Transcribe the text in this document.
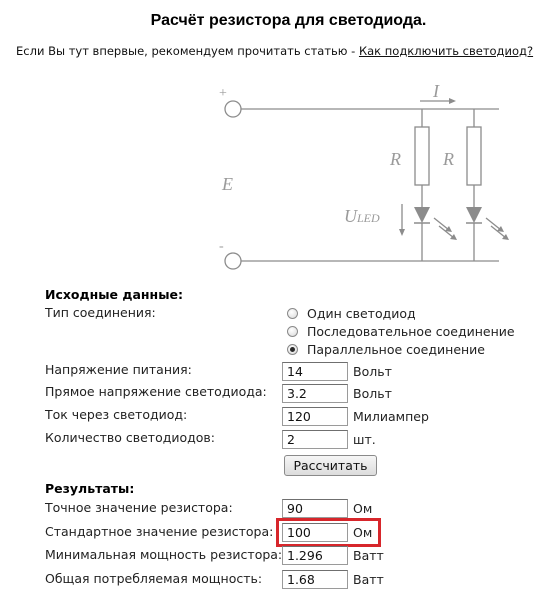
Расчёт резистора для светодиода.
Если Вы тут впервые, рекомендуем прочитать статью - Как подключить светодиод?
+
-
I
E
R R
ULED
Исходные данные:
Тип соединения:	Один светодиод
Последовательное соединение
Параллельное соединение
Напряжение питания:	14	Вольт
Прямое напряжение светодиода:	3.2	Вольт
Ток через светодиод:	120	Милиампер
Количество светодиодов:	2	шт.
Рассчитать
Результаты:
Точное значение резистора:	90	Ом
Стандартное значение резистора:	100	Ом
Минимальная мощность резистора: 1.296	Ватт
Общая потребляемая мощность:	1.68	Ватт
